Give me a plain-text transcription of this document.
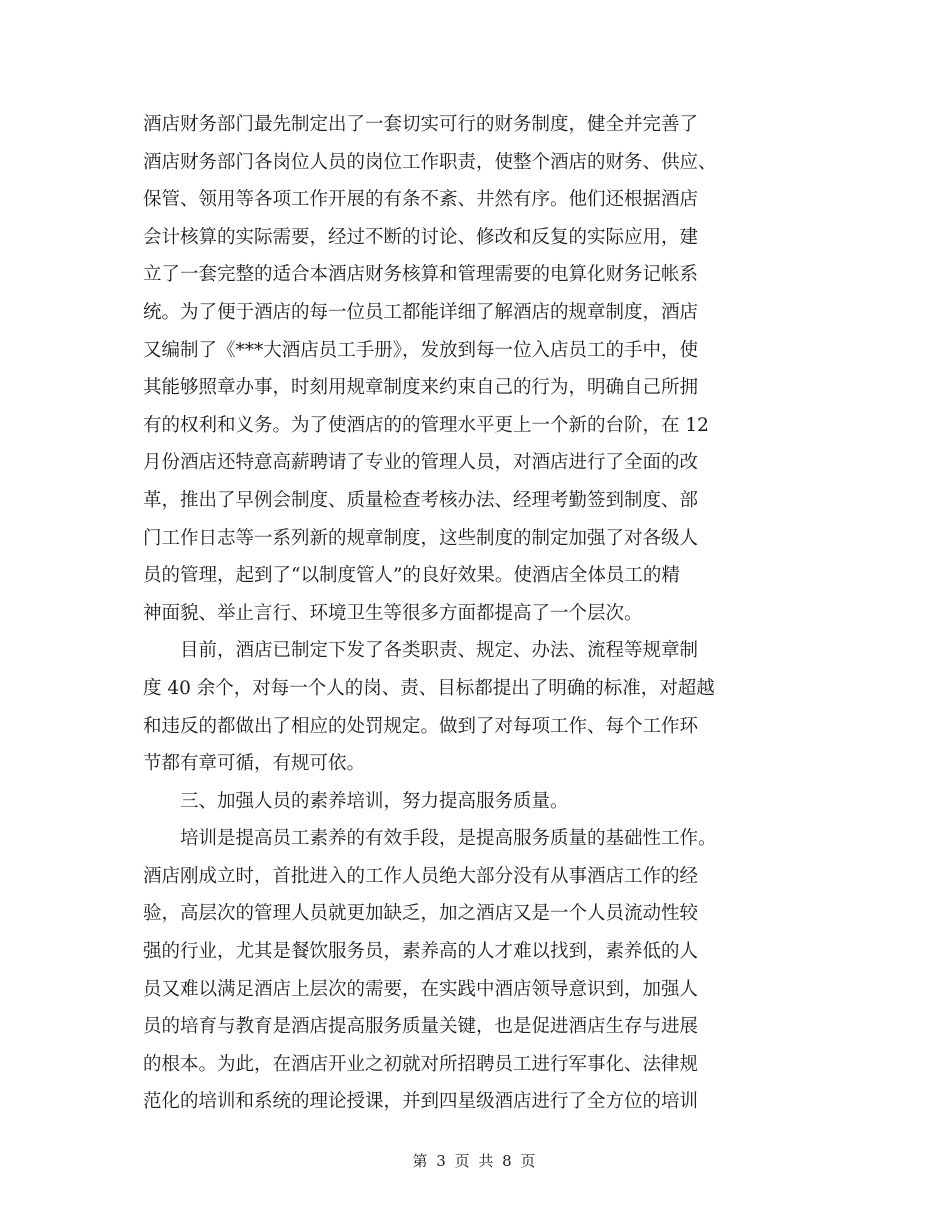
酒店财务部门最先制定出了一套切实可行的财务制度，健全并完善了
酒店财务部门各岗位人员的岗位工作职责，使整个酒店的财务、供应、
保管、领用等各项工作开展的有条不紊、井然有序。他们还根据酒店
会计核算的实际需要，经过不断的讨论、修改和反复的实际应用，建
立了一套完整的适合本酒店财务核算和管理需要的电算化财务记帐系
统。为了便于酒店的每一位员工都能详细了解酒店的规章制度，酒店
又编制了《***大酒店员工手册》，发放到每一位入店员工的手中，使
其能够照章办事，时刻用规章制度来约束自己的行为，明确自己所拥
有的权利和义务。为了使酒店的的管理水平更上一个新的台阶，在 12
月份酒店还特意高薪聘请了专业的管理人员，对酒店进行了全面的改
革，推出了早例会制度、质量检查考核办法、经理考勤签到制度、部
门工作日志等一系列新的规章制度，这些制度的制定加强了对各级人
员的管理，起到了“以制度管人”的良好效果。使酒店全体员工的精
神面貌、举止言行、环境卫生等很多方面都提高了一个层次。
　　目前，酒店已制定下发了各类职责、规定、办法、流程等规章制
度 40 余个，对每一个人的岗、责、目标都提出了明确的标准，对超越
和违反的都做出了相应的处罚规定。做到了对每项工作、每个工作环
节都有章可循，有规可依。
　　三、加强人员的素养培训，努力提高服务质量。
　　培训是提高员工素养的有效手段，是提高服务质量的基础性工作。
酒店刚成立时，首批进入的工作人员绝大部分没有从事酒店工作的经
验，高层次的管理人员就更加缺乏，加之酒店又是一个人员流动性较
强的行业，尤其是餐饮服务员，素养高的人才难以找到，素养低的人
员又难以满足酒店上层次的需要，在实践中酒店领导意识到，加强人
员的培育与教育是酒店提高服务质量关键，也是促进酒店生存与进展
的根本。为此，在酒店开业之初就对所招聘员工进行军事化、法律规
范化的培训和系统的理论授课，并到四星级酒店进行了全方位的培训
第 3 页 共 8 页
